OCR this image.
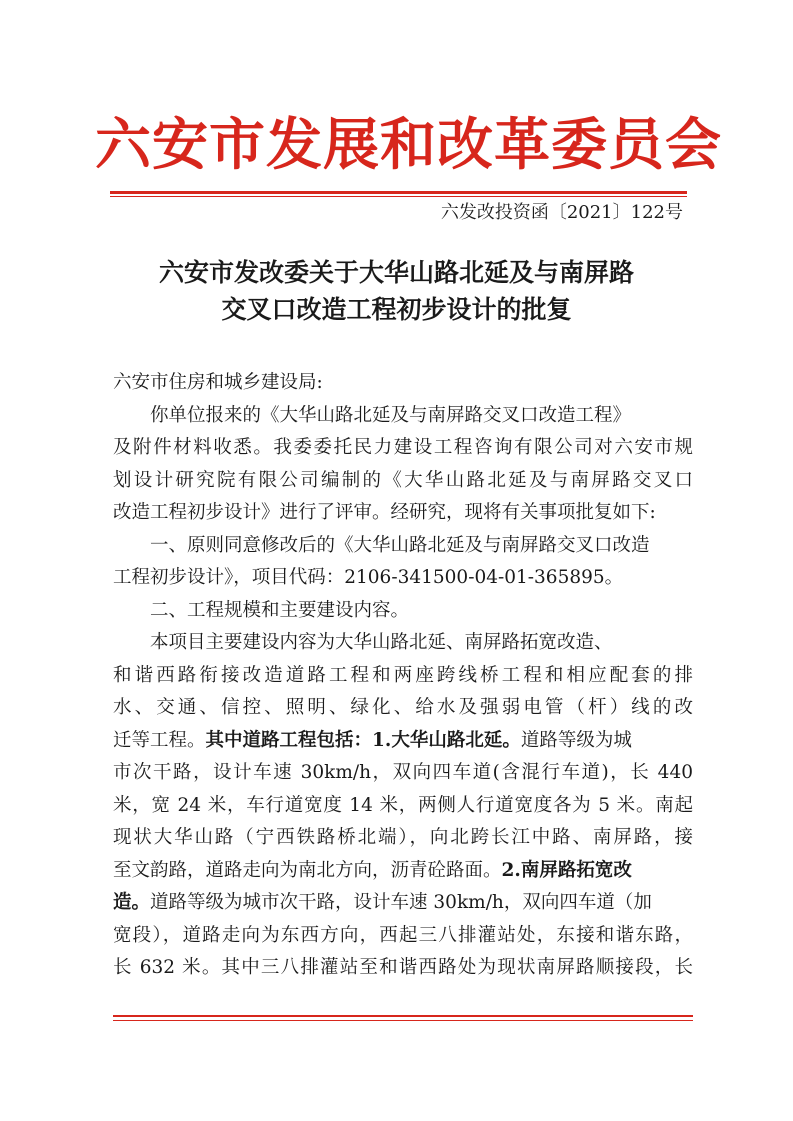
六安市发展和改革委员会
六发改投资函〔2021〕122号
六安市发改委关于大华山路北延及与南屏路
交叉口改造工程初步设计的批复
六安市住房和城乡建设局:
你单位报来的《大华山路北延及与南屏路交叉口改造工程》
及附件材料收悉。我委委托民力建设工程咨询有限公司对六安市规
划设计研究院有限公司编制的《大华山路北延及与南屏路交叉口
改造工程初步设计》进行了评审。经研究，现将有关事项批复如下:
一、原则同意修改后的《大华山路北延及与南屏路交叉口改造
工程初步设计》，项目代码：2106-341500-04-01-365895。
二、工程规模和主要建设内容。
本项目主要建设内容为大华山路北延、南屏路拓宽改造、
和谐西路衔接改造道路工程和两座跨线桥工程和相应配套的排
水、交通、信控、照明、绿化、给水及强弱电管（杆）线的改
迁等工程。其中道路工程包括：1.大华山路北延。道路等级为城
市次干路，设计车速 30km/h，双向四车道(含混行车道)，长 440
米，宽 24 米，车行道宽度 14 米，两侧人行道宽度各为 5 米。南起
现状大华山路（宁西铁路桥北端），向北跨长江中路、南屏路，接
至文韵路，道路走向为南北方向，沥青砼路面。2.南屏路拓宽改
造。道路等级为城市次干路，设计车速 30km/h，双向四车道（加
宽段），道路走向为东西方向，西起三八排灌站处，东接和谐东路，
长 632 米。其中三八排灌站至和谐西路处为现状南屏路顺接段，长
